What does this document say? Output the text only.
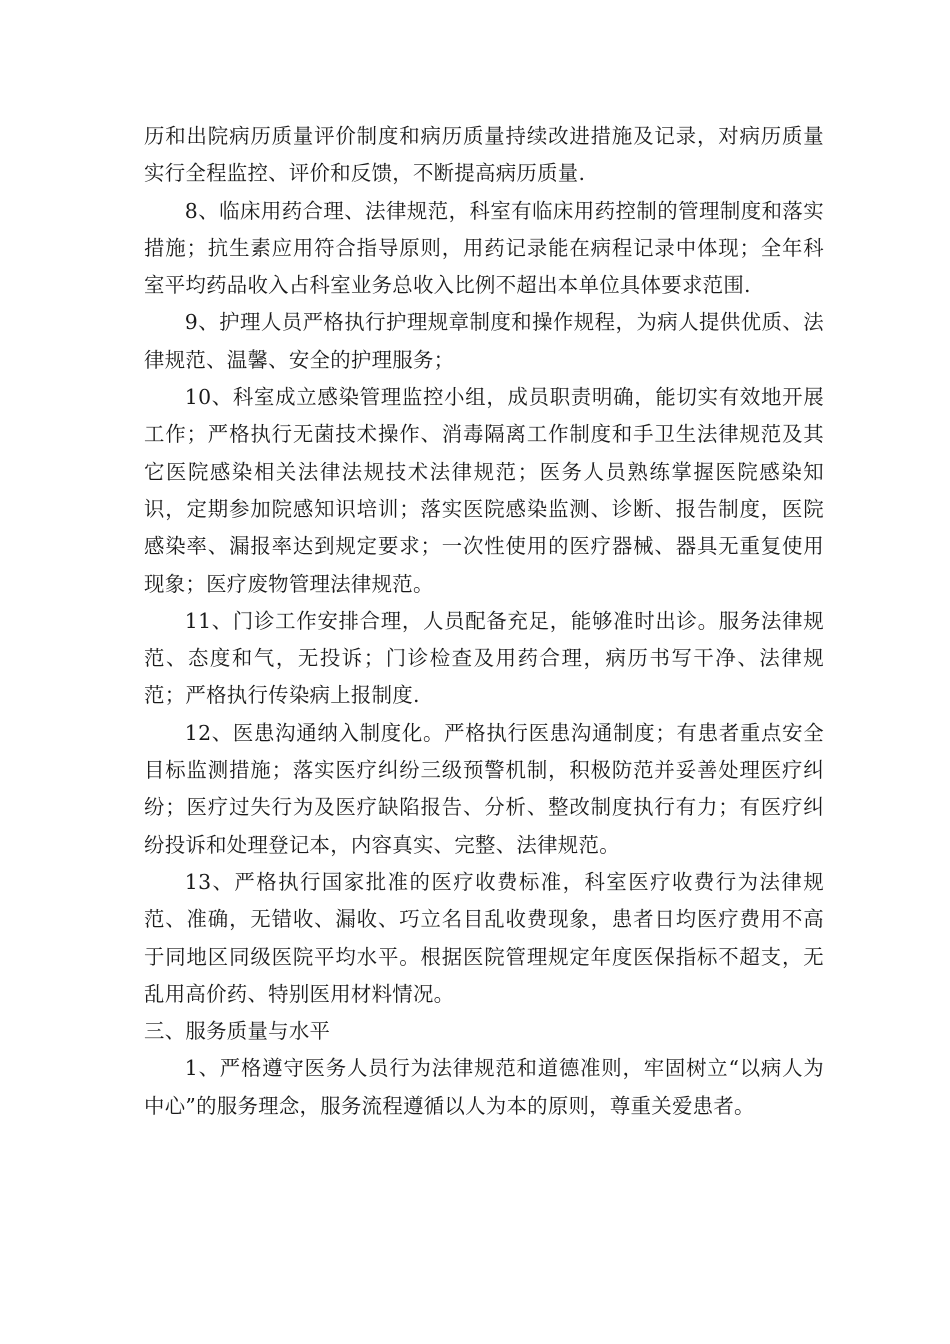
历和出院病历质量评价制度和病历质量持续改进措施及记录，对病历质量实行全程监控、评价和反馈，不断提高病历质量.

8、临床用药合理、法律规范，科室有临床用药控制的管理制度和落实措施；抗生素应用符合指导原则，用药记录能在病程记录中体现；全年科室平均药品收入占科室业务总收入比例不超出本单位具体要求范围.

9、护理人员严格执行护理规章制度和操作规程，为病人提供优质、法律规范、温馨、安全的护理服务；

10、科室成立感染管理监控小组，成员职责明确，能切实有效地开展工作；严格执行无菌技术操作、消毒隔离工作制度和手卫生法律规范及其它医院感染相关法律法规技术法律规范；医务人员熟练掌握医院感染知识，定期参加院感知识培训；落实医院感染监测、诊断、报告制度，医院感染率、漏报率达到规定要求；一次性使用的医疗器械、器具无重复使用现象；医疗废物管理法律规范。

11、门诊工作安排合理，人员配备充足，能够准时出诊。服务法律规范、态度和气，无投诉；门诊检查及用药合理，病历书写干净、法律规范；严格执行传染病上报制度.

12、医患沟通纳入制度化。严格执行医患沟通制度；有患者重点安全目标监测措施；落实医疗纠纷三级预警机制，积极防范并妥善处理医疗纠纷；医疗过失行为及医疗缺陷报告、分析、整改制度执行有力；有医疗纠纷投诉和处理登记本，内容真实、完整、法律规范。

13、严格执行国家批准的医疗收费标准，科室医疗收费行为法律规范、准确，无错收、漏收、巧立名目乱收费现象，患者日均医疗费用不高于同地区同级医院平均水平。根据医院管理规定年度医保指标不超支，无乱用高价药、特别医用材料情况。

三、服务质量与水平

1、严格遵守医务人员行为法律规范和道德准则，牢固树立“以病人为中心”的服务理念，服务流程遵循以人为本的原则，尊重关爱患者。
